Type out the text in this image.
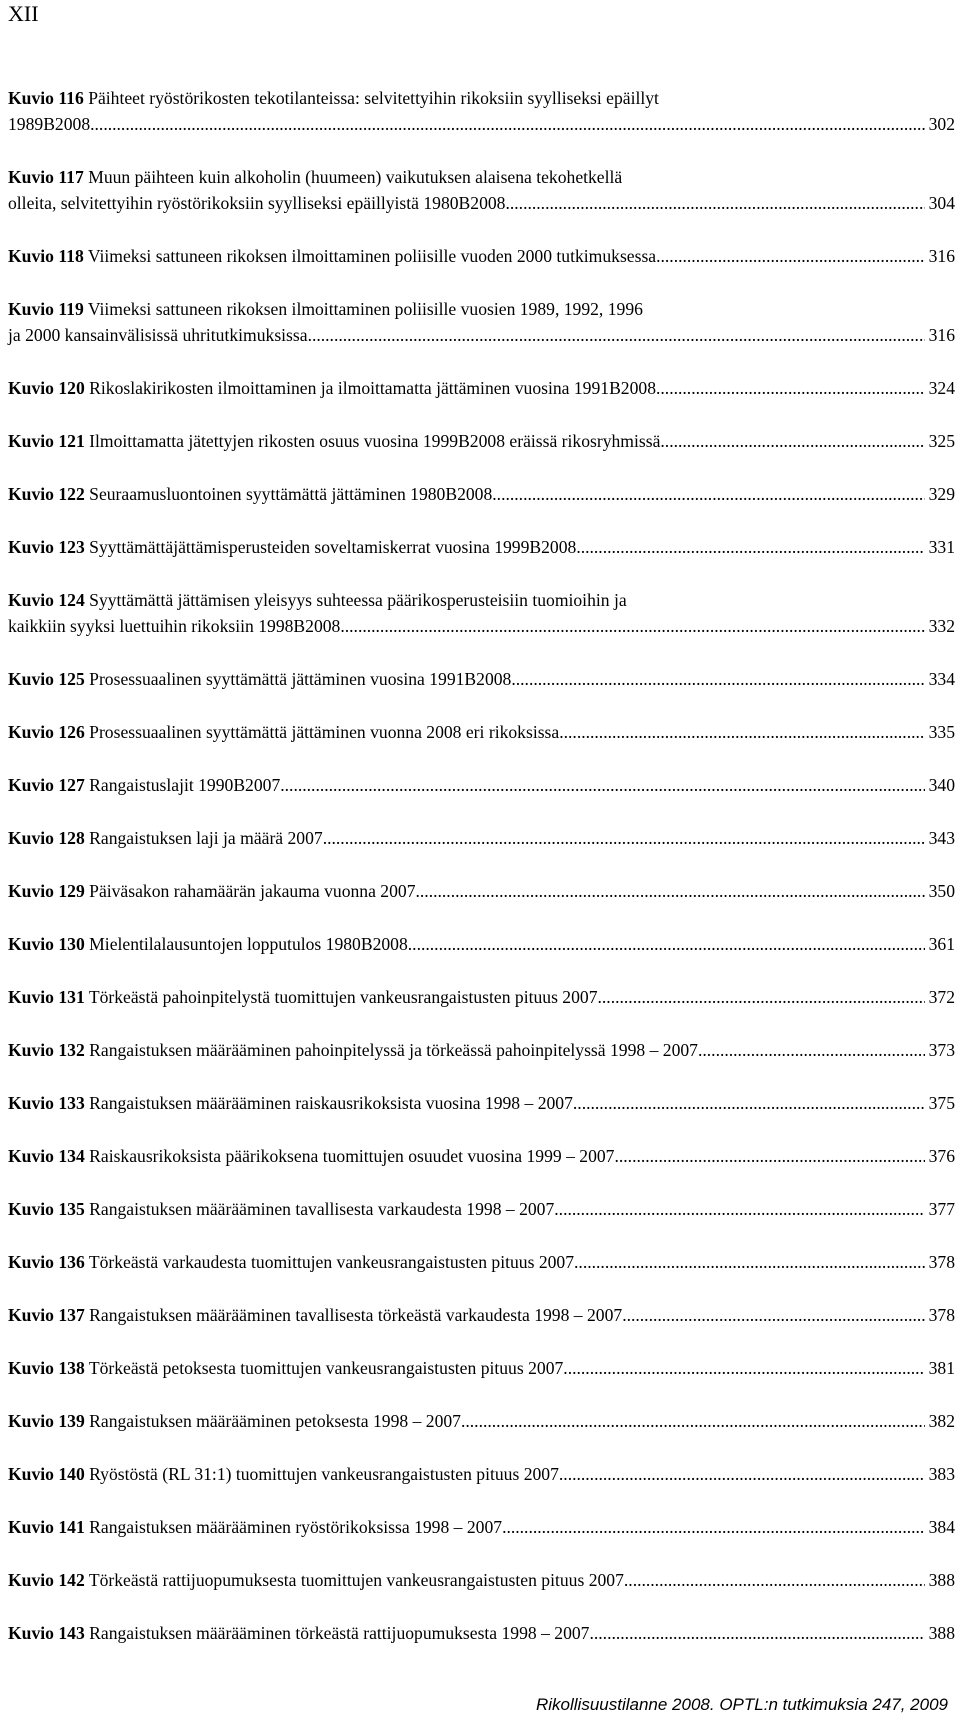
XII
Kuvio 116 Päihteet ryöstörikosten tekotilanteissa: selvitettyihin rikoksiin syylliseksi epäillyt
1989B2008 .....	302
Kuvio 117 Muun päihteen kuin alkoholin (huumeen) vaikutuksen alaisena tekohetkellä
olleita, selvitettyihin ryöstörikoksiin syylliseksi epäillyistä 1980B2008 .....	304
Kuvio 118 Viimeksi sattuneen rikoksen ilmoittaminen poliisille vuoden 2000 tutkimuksessa .....	316
Kuvio 119 Viimeksi sattuneen rikoksen ilmoittaminen poliisille vuosien 1989, 1992, 1996
ja 2000 kansainvälisissä uhritutkimuksissa .....	316
Kuvio 120 Rikoslakirikosten ilmoittaminen ja ilmoittamatta jättäminen vuosina 1991B2008 .....	324
Kuvio 121 Ilmoittamatta jätettyjen rikosten osuus vuosina 1999B2008 eräissä rikosryhmissä .....	325
Kuvio 122 Seuraamusluontoinen syyttämättä jättäminen 1980B2008 .....	329
Kuvio 123 Syyttämättäjättämisperusteiden soveltamiskerrat vuosina 1999B2008 .....	331
Kuvio 124 Syyttämättä jättämisen yleisyys suhteessa päärikosperusteisiin tuomioihin ja
kaikkiin syyksi luettuihin rikoksiin 1998B2008 .....	332
Kuvio 125 Prosessuaalinen syyttämättä jättäminen vuosina 1991B2008 .....	334
Kuvio 126 Prosessuaalinen syyttämättä jättäminen vuonna 2008 eri rikoksissa .....	335
Kuvio 127 Rangaistuslajit 1990B2007 .....	340
Kuvio 128 Rangaistuksen laji ja määrä 2007 .....	343
Kuvio 129 Päiväsakon rahamäärän jakauma vuonna 2007 .....	350
Kuvio 130 Mielentilalausuntojen lopputulos 1980B2008 .....	361
Kuvio 131 Törkeästä pahoinpitelystä tuomittujen vankeusrangaistusten pituus 2007 .....	372
Kuvio 132 Rangaistuksen määrääminen pahoinpitelyssä ja törkeässä pahoinpitelyssä 1998 – 2007 .....	373
Kuvio 133 Rangaistuksen määrääminen raiskausrikoksista vuosina 1998 – 2007 .....	375
Kuvio 134 Raiskausrikoksista päärikoksena tuomittujen osuudet vuosina 1999 – 2007 .....	376
Kuvio 135 Rangaistuksen määrääminen tavallisesta varkaudesta 1998 – 2007 .....	377
Kuvio 136 Törkeästä varkaudesta tuomittujen vankeusrangaistusten pituus 2007 .....	378
Kuvio 137 Rangaistuksen määrääminen tavallisesta törkeästä varkaudesta 1998 – 2007 .....	378
Kuvio 138 Törkeästä petoksesta tuomittujen vankeusrangaistusten pituus 2007 .....	381
Kuvio 139 Rangaistuksen määrääminen petoksesta 1998 – 2007 .....	382
Kuvio 140 Ryöstöstä (RL 31:1) tuomittujen vankeusrangaistusten pituus 2007 .....	383
Kuvio 141 Rangaistuksen määrääminen ryöstörikoksissa 1998 – 2007 .....	384
Kuvio 142 Törkeästä rattijuopumuksesta tuomittujen vankeusrangaistusten pituus 2007 .....	388
Kuvio 143 Rangaistuksen määrääminen törkeästä rattijuopumuksesta 1998 – 2007 .....	388
Rikollisuustilanne 2008. OPTL:n tutkimuksia 247, 2009
